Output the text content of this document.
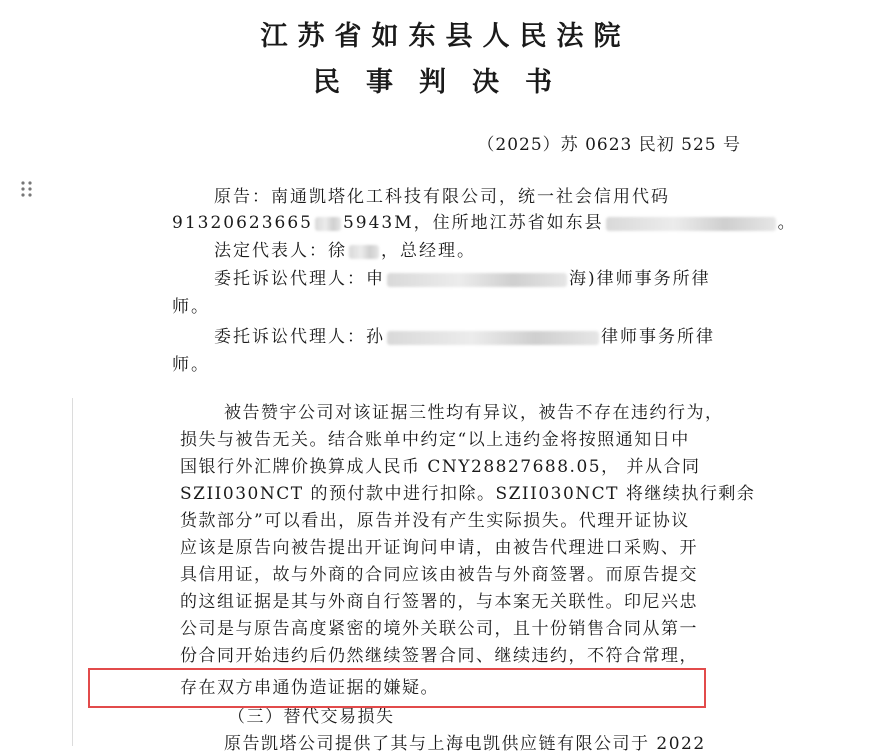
江苏省如东县人民法院
民事判决书
（2025）苏 0623 民初 525 号
原告：南通凯塔化工科技有限公司，统一社会信用代码
91320623665 5943M，住所地江苏省如东县	。
法定代表人：徐 ，总经理。
委托诉讼代理人：申	海)律师事务所律
师。
委托诉讼代理人：孙	律师事务所律
师。
被告赞宇公司对该证据三性均有异议，被告不存在违约行为，
损失与被告无关。结合账单中约定“以上违约金将按照通知日中
国银行外汇牌价换算成人民币 CNY28827688.05， 并从合同
SZII030NCT 的预付款中进行扣除。SZII030NCT 将继续执行剩余
货款部分”可以看出，原告并没有产生实际损失。代理开证协议
应该是原告向被告提出开证询问申请，由被告代理进口采购、开
具信用证，故与外商的合同应该由被告与外商签署。而原告提交
的这组证据是其与外商自行签署的，与本案无关联性。印尼兴忠
公司是与原告高度紧密的境外关联公司，且十份销售合同从第一
份合同开始违约后仍然继续签署合同、继续违约，不符合常理，
存在双方串通伪造证据的嫌疑。
（三）替代交易损失
原告凯塔公司提供了其与上海电凯供应链有限公司于 2022
